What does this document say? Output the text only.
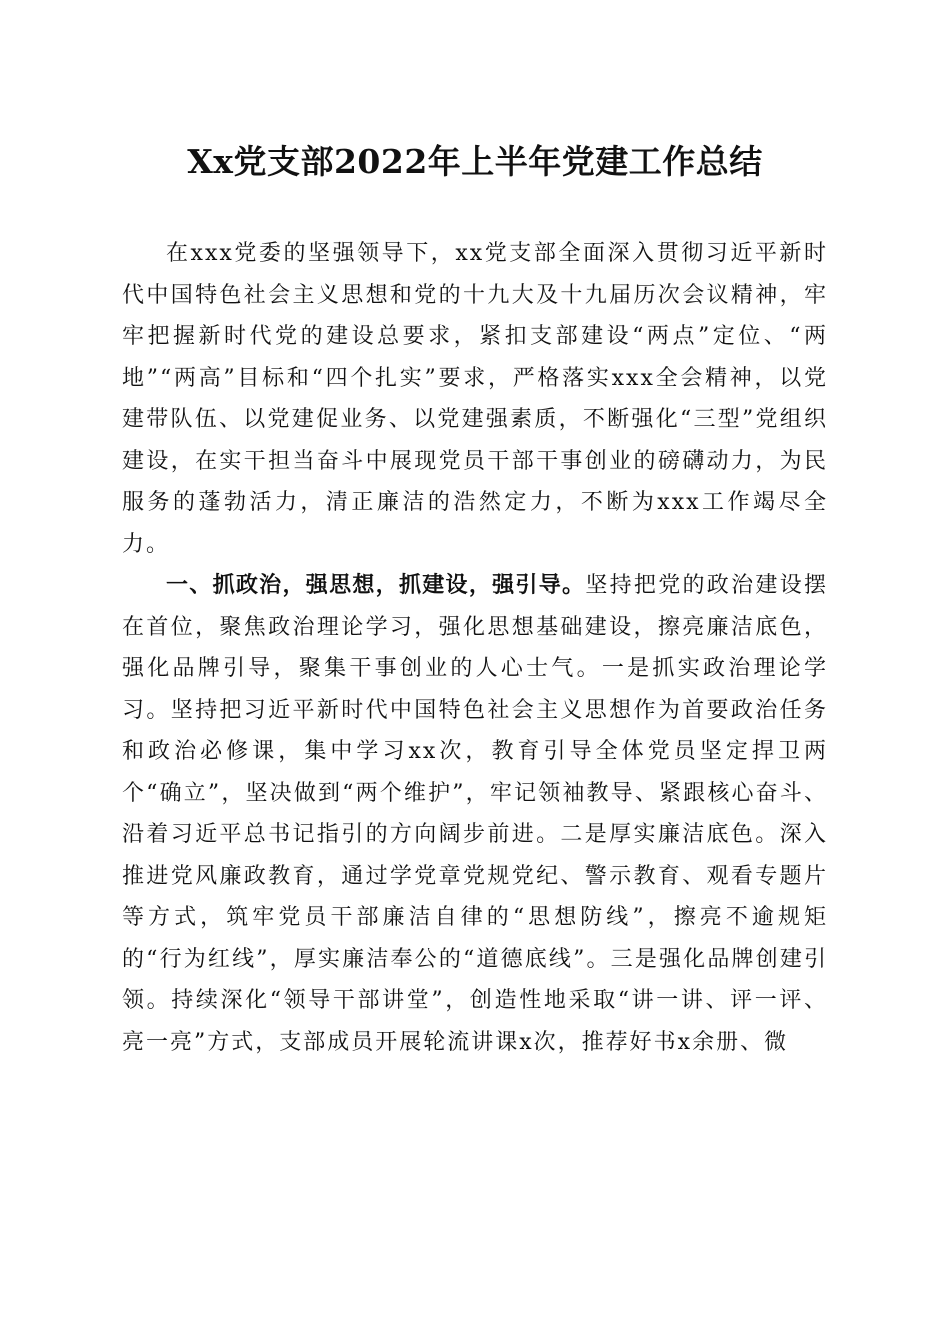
Xx党支部2022年上半年党建工作总结

在xxx党委的坚强领导下，xx党支部全面深入贯彻习近平新时代中国特色社会主义思想和党的十九大及十九届历次会议精神，牢牢把握新时代党的建设总要求，紧扣支部建设“两点”定位、“两地”“两高”目标和“四个扎实”要求，严格落实xxx全会精神，以党建带队伍、以党建促业务、以党建强素质，不断强化“三型”党组织建设，在实干担当奋斗中展现党员干部干事创业的磅礴动力，为民服务的蓬勃活力，清正廉洁的浩然定力，不断为xxx工作竭尽全力。

一、抓政治，强思想，抓建设，强引导。坚持把党的政治建设摆在首位，聚焦政治理论学习，强化思想基础建设，擦亮廉洁底色，强化品牌引导，聚集干事创业的人心士气。一是抓实政治理论学习。坚持把习近平新时代中国特色社会主义思想作为首要政治任务和政治必修课，集中学习xx次，教育引导全体党员坚定捍卫两个“确立”，坚决做到“两个维护”，牢记领袖教导、紧跟核心奋斗、沿着习近平总书记指引的方向阔步前进。二是厚实廉洁底色。深入推进党风廉政教育，通过学党章党规党纪、警示教育、观看专题片等方式，筑牢党员干部廉洁自律的“思想防线”，擦亮不逾规矩的“行为红线”，厚实廉洁奉公的“道德底线”。三是强化品牌创建引领。持续深化“领导干部讲堂”，创造性地采取“讲一讲、评一评、亮一亮”方式，支部成员开展轮流讲课x次，推荐好书x余册、微
